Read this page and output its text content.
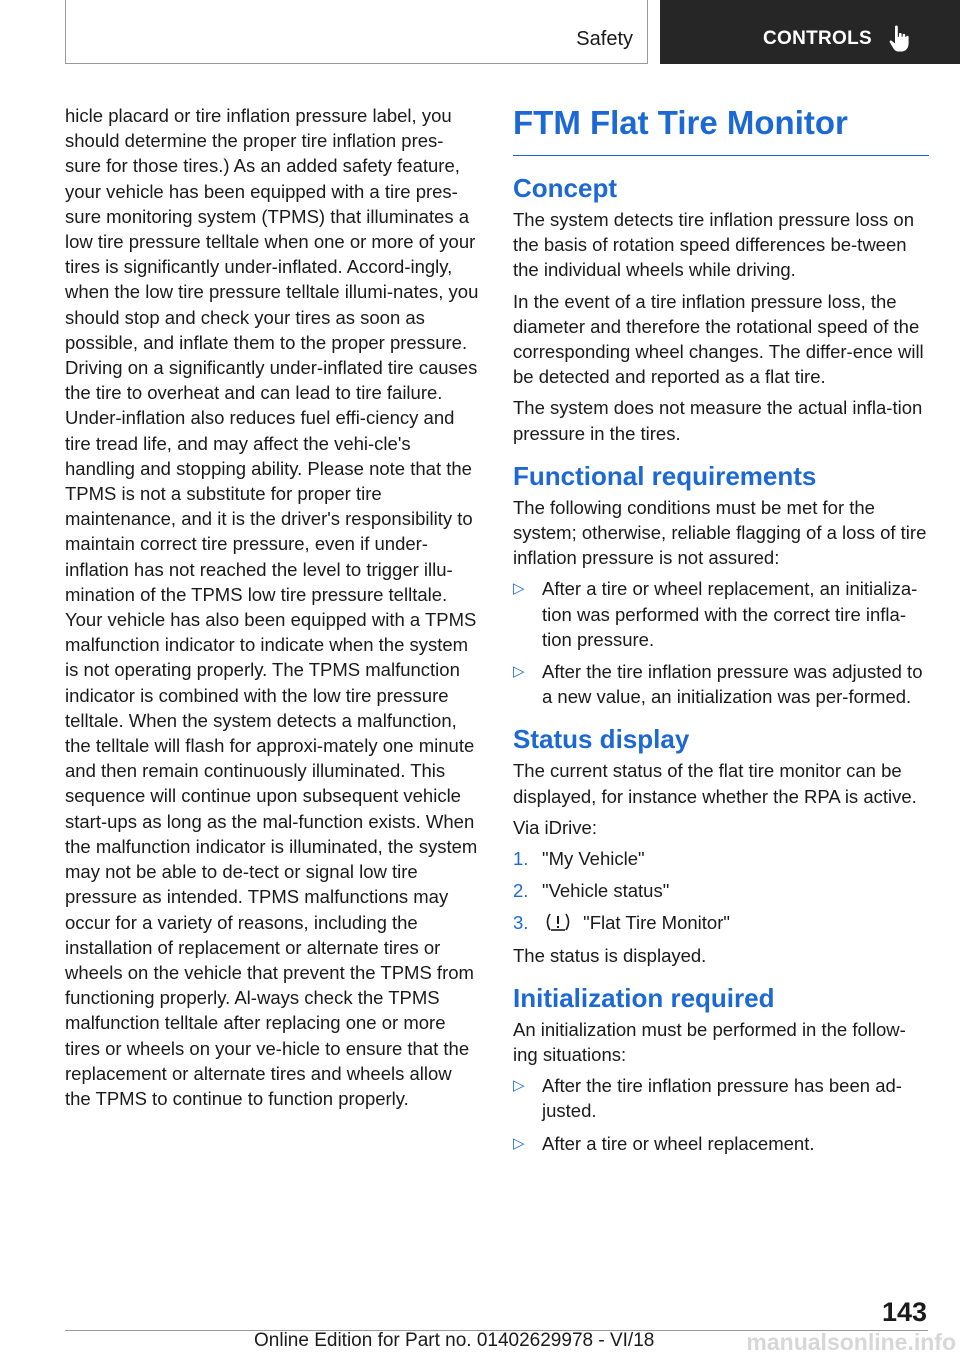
Safety	CONTROLS

hicle placard or tire inflation pressure label, you should determine the proper tire inflation pres‐sure for those tires.) As an added safety feature, your vehicle has been equipped with a tire pres‐sure monitoring system (TPMS) that illuminates a low tire pressure telltale when one or more of your tires is significantly under-inflated. Accord‐ingly, when the low tire pressure telltale illumi‐nates, you should stop and check your tires as soon as possible, and inflate them to the proper pressure. Driving on a significantly under-inflated tire causes the tire to overheat and can lead to tire failure. Under-inflation also reduces fuel effi‐ciency and tire tread life, and may affect the vehi‐cle's handling and stopping ability. Please note that the TPMS is not a substitute for proper tire maintenance, and it is the driver's responsibility to maintain correct tire pressure, even if under-inflation has not reached the level to trigger illu‐mination of the TPMS low tire pressure telltale. Your vehicle has also been equipped with a TPMS malfunction indicator to indicate when the system is not operating properly. The TPMS malfunction indicator is combined with the low tire pressure telltale. When the system detects a malfunction, the telltale will flash for approxi‐mately one minute and then remain continuously illuminated. This sequence will continue upon subsequent vehicle start-ups as long as the mal‐function exists. When the malfunction indicator is illuminated, the system may not be able to de‐tect or signal low tire pressure as intended. TPMS malfunctions may occur for a variety of reasons, including the installation of replacement or alternate tires or wheels on the vehicle that prevent the TPMS from functioning properly. Al‐ways check the TPMS malfunction telltale after replacing one or more tires or wheels on your ve‐hicle to ensure that the replacement or alternate tires and wheels allow the TPMS to continue to function properly.

FTM Flat Tire Monitor
Concept

The system detects tire inflation pressure loss on the basis of rotation speed differences be‐tween the individual wheels while driving.

In the event of a tire inflation pressure loss, the diameter and therefore the rotational speed of the corresponding wheel changes. The differ‐ence will be detected and reported as a flat tire.

The system does not measure the actual infla‐tion pressure in the tires.

Functional requirements

The following conditions must be met for the system; otherwise, reliable flagging of a loss of tire inflation pressure is not assured:

▷ After a tire or wheel replacement, an initializa‐tion was performed with the correct tire infla‐tion pressure.
▷ After the tire inflation pressure was adjusted to a new value, an initialization was per‐formed.
Status display

The current status of the flat tire monitor can be displayed, for instance whether the RPA is active.

Via iDrive:

1. "My Vehicle"
2. "Vehicle status"
3.	"Flat Tire Monitor"

The status is displayed.

Initialization required

An initialization must be performed in the follow‐ing situations:

▷ After the tire inflation pressure has been ad‐justed.
▷ After a tire or wheel replacement.
143
Online Edition for Part no. 01402629978 - VI/18	manualsonline.info
